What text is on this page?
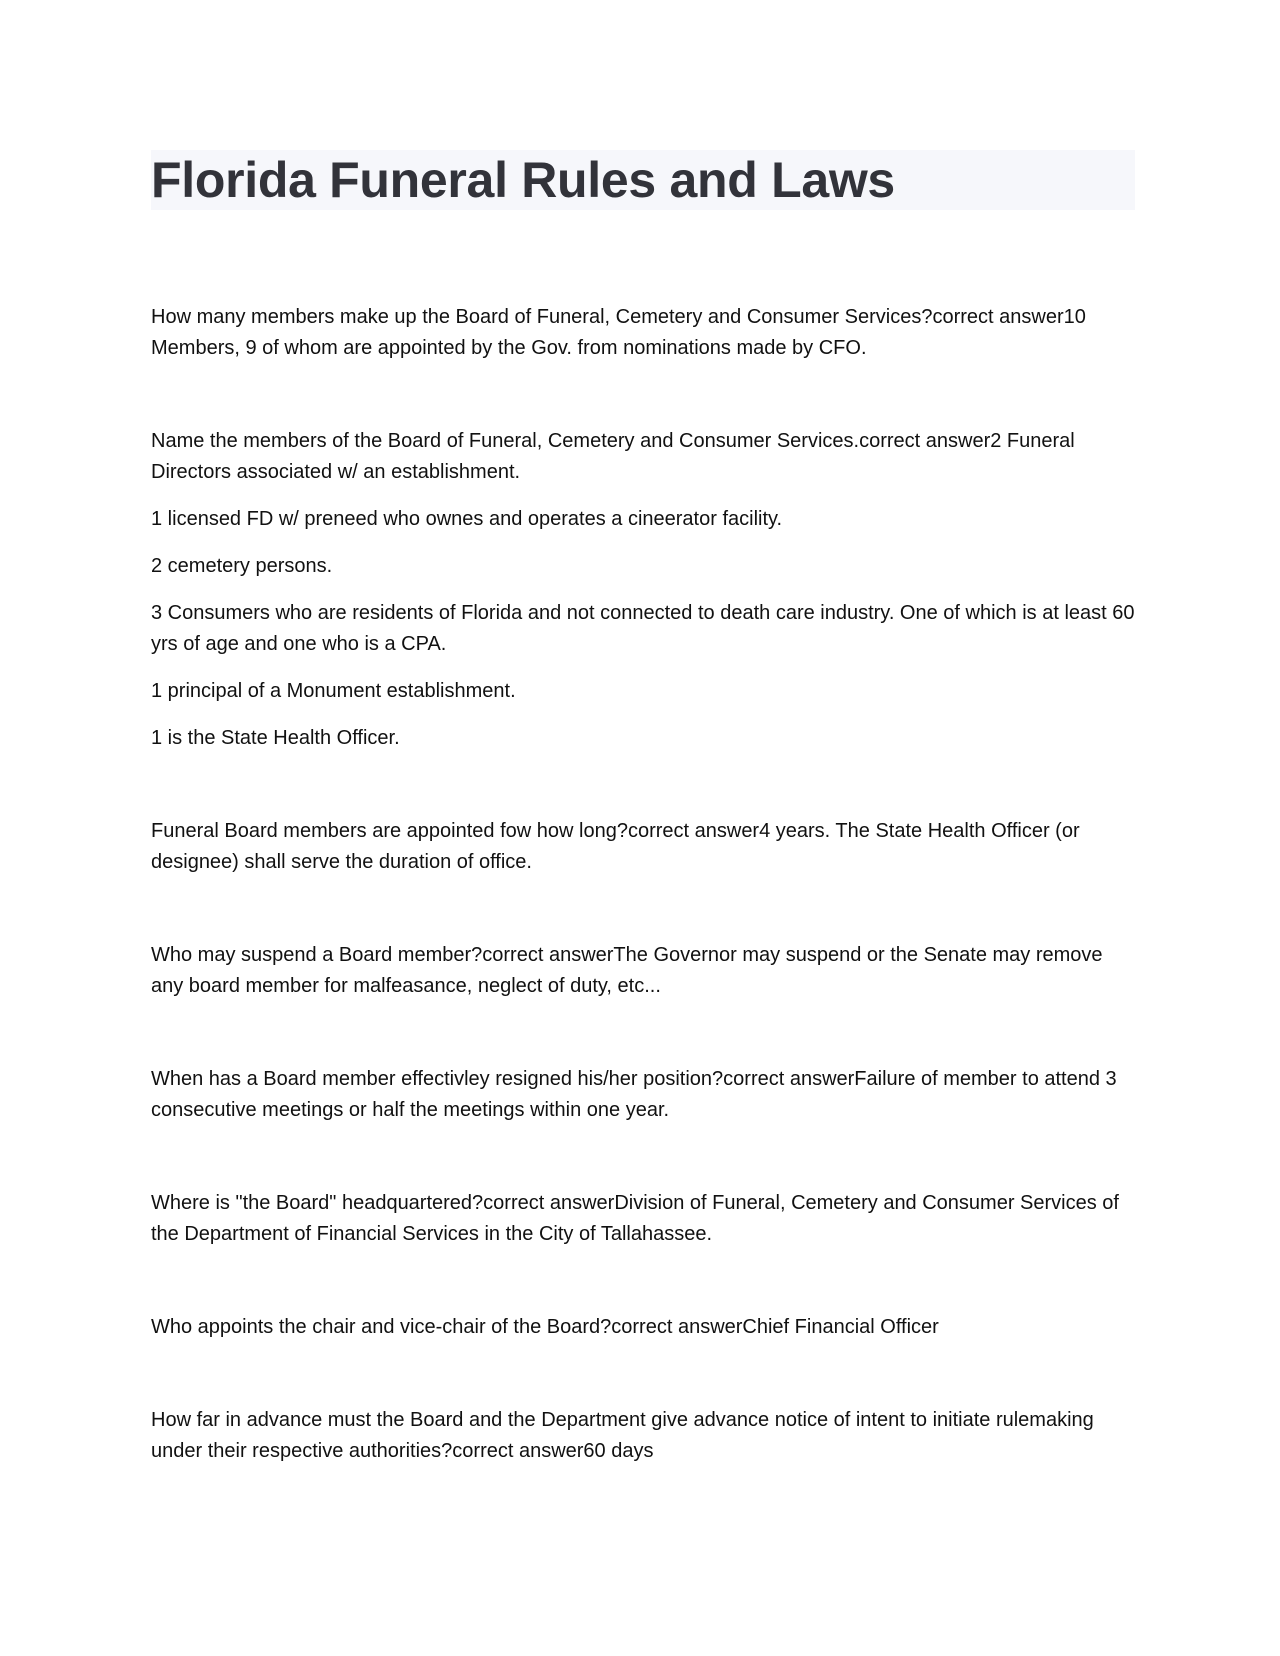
Florida Funeral Rules and Laws

How many members make up the Board of Funeral, Cemetery and Consumer Services?correct answer10 Members, 9 of whom are appointed by the Gov. from nominations made by CFO.

Name the members of the Board of Funeral, Cemetery and Consumer Services.correct answer2 Funeral Directors associated w/ an establishment.

1 licensed FD w/ preneed who ownes and operates a cineerator facility.

2 cemetery persons.

3 Consumers who are residents of Florida and not connected to death care industry. One of which is at least 60 yrs of age and one who is a CPA.

1 principal of a Monument establishment.

1 is the State Health Officer.

Funeral Board members are appointed fow how long?correct answer4 years. The State Health Officer (or designee) shall serve the duration of office.

Who may suspend a Board member?correct answerThe Governor may suspend or the Senate may remove any board member for malfeasance, neglect of duty, etc...

When has a Board member effectivley resigned his/her position?correct answerFailure of member to attend 3 consecutive meetings or half the meetings within one year.

Where is "the Board" headquartered?correct answerDivision of Funeral, Cemetery and Consumer Services of the Department of Financial Services in the City of Tallahassee.

Who appoints the chair and vice-chair of the Board?correct answerChief Financial Officer

How far in advance must the Board and the Department give advance notice of intent to initiate rulemaking under their respective authorities?correct answer60 days
